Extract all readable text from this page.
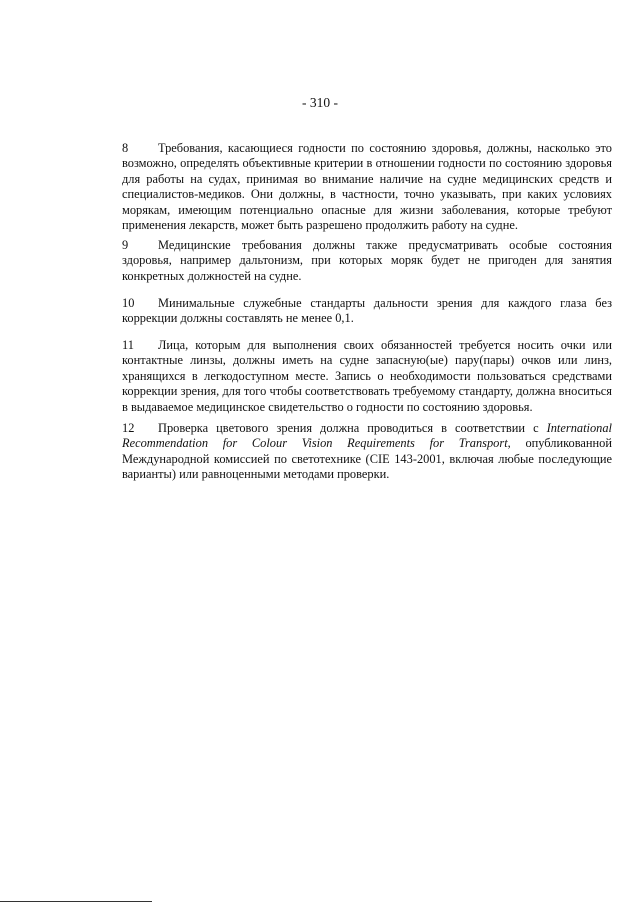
- 310 -
8 Требования, касающиеся годности по состоянию здоровья, должны, насколько это возможно, определять объективные критерии в отношении годности по состоянию здоровья для работы на судах, принимая во внимание наличие на судне медицинских средств и специалистов-медиков. Они должны, в частности, точно указывать, при каких условиях морякам, имеющим потенциально опасные для жизни заболевания, которые требуют применения лекарств, может быть разрешено продолжить работу на судне.
9 Медицинские требования должны также предусматривать особые состояния здоровья, например дальтонизм, при которых моряк будет не пригоден для занятия конкретных должностей на судне.
10 Минимальные служебные стандарты дальности зрения для каждого глаза без коррекции должны составлять не менее 0,1.
11 Лица, которым для выполнения своих обязанностей требуется носить очки или контактные линзы, должны иметь на судне запасную(ые) пару(пары) очков или линз, хранящихся в легкодоступном месте. Запись о необходимости пользоваться средствами коррекции зрения, для того чтобы соответствовать требуемому стандарту, должна вноситься в выдаваемое медицинское свидетельство о годности по состоянию здоровья.
12 Проверка цветового зрения должна проводиться в соответствии с International Recommendation for Colour Vision Requirements for Transport, опубликованной Международной комиссией по светотехнике (CIE 143-2001, включая любые последующие варианты) или равноценными методами проверки.
